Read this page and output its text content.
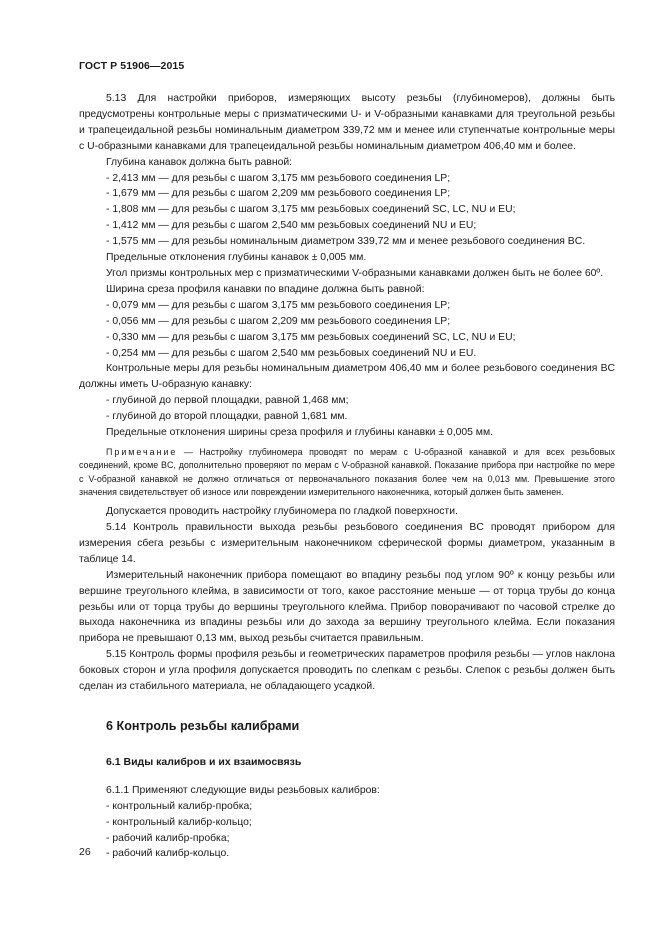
ГОСТ Р 51906—2015

5.13 Для настройки приборов, измеряющих высоту резьбы (глубиномеров), должны быть предусмотрены контрольные меры с призматическими U- и V-образными канавками для треугольной резьбы и трапецеидальной резьбы номинальным диаметром 339,72 мм и менее или ступенчатые контрольные меры с U-образными канавками для трапецеидальной резьбы номинальным диаметром 406,40 мм и более.

Глубина канавок должна быть равной:

- 2,413 мм — для резьбы с шагом 3,175 мм резьбового соединения LP;

- 1,679 мм — для резьбы с шагом 2,209 мм резьбового соединения LP;

- 1,808 мм — для резьбы с шагом 3,175 мм резьбовых соединений SC, LC, NU и EU;

- 1,412 мм — для резьбы с шагом 2,540 мм резьбовых соединений NU и EU;

- 1,575 мм — для резьбы номинальным диаметром 339,72 мм и менее резьбового соединения BC.

Предельные отклонения глубины канавок ± 0,005 мм.

Угол призмы контрольных мер с призматическими V-образными канавками должен быть не более 60º.

Ширина среза профиля канавки по впадине должна быть равной:

- 0,079 мм — для резьбы с шагом 3,175 мм резьбового соединения LP;

- 0,056 мм — для резьбы с шагом 2,209 мм резьбового соединения LP;

- 0,330 мм — для резьбы с шагом 3,175 мм резьбовых соединений SC, LC, NU и EU;

- 0,254 мм — для резьбы с шагом 2,540 мм резьбовых соединений NU и EU.

Контрольные меры для резьбы номинальным диаметром 406,40 мм и более резьбового соединения BC должны иметь U-образную канавку:

- глубиной до первой площадки, равной 1,468 мм;

- глубиной до второй площадки, равной 1,681 мм.

Предельные отклонения ширины среза профиля и глубины канавки ± 0,005 мм.

Примечание — Настройку глубиномера проводят по мерам с U-образной канавкой и для всех резьбовых соединений, кроме BC, дополнительно проверяют по мерам с V-образной канавкой. Показание прибора при настройке по мере с V-образной канавкой не должно отличаться от первоначального показания более чем на 0,013 мм. Превышение этого значения свидетельствует об износе или повреждении измерительного наконечника, который должен быть заменен.

Допускается проводить настройку глубиномера по гладкой поверхности.

5.14 Контроль правильности выхода резьбы резьбового соединения BC проводят прибором для измерения сбега резьбы с измерительным наконечником сферической формы диаметром, указанным в таблице 14.

Измерительный наконечник прибора помещают во впадину резьбы под углом 90º к концу резьбы или вершине треугольного клейма, в зависимости от того, какое расстояние меньше — от торца трубы до конца резьбы или от торца трубы до вершины треугольного клейма. Прибор поворачивают по часовой стрелке до выхода наконечника из впадины резьбы или до захода за вершину треугольного клейма. Если показания прибора не превышают 0,13 мм, выход резьбы считается правильным.

5.15 Контроль формы профиля резьбы и геометрических параметров профиля резьбы — углов наклона боковых сторон и угла профиля допускается проводить по слепкам с резьбы. Слепок с резьбы должен быть сделан из стабильного материала, не обладающего усадкой.

6 Контроль резьбы калибрами
6.1 Виды калибров и их взаимосвязь

6.1.1 Применяют следующие виды резьбовых калибров:

- контрольный калибр-пробка;

- контрольный калибр-кольцо;

- рабочий калибр-пробка;

- рабочий калибр-кольцо.

26
